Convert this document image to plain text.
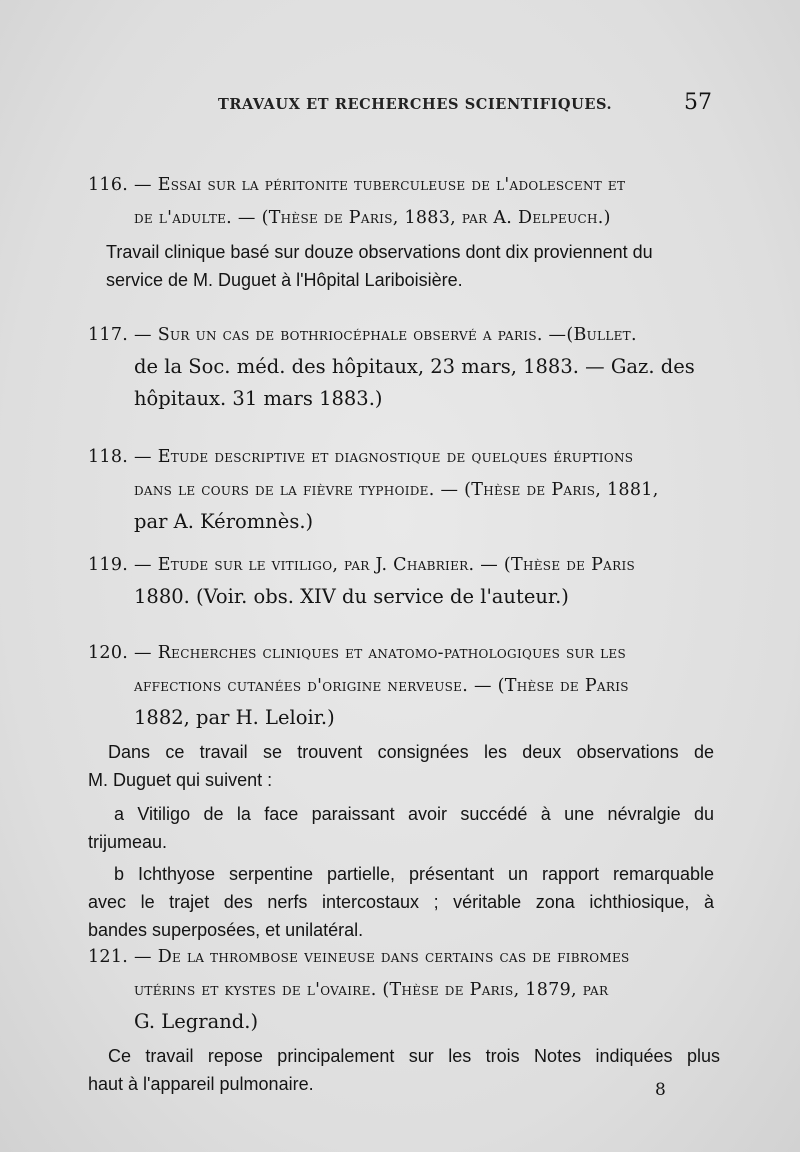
TRAVAUX ET RECHERCHES SCIENTIFIQUES.	57
116. — Essai sur la péritonite tuberculeuse de l'adolescent et
de l'adulte. — (Thèse de Paris, 1883, par A. Delpeuch.)
Travail clinique basé sur douze observations dont dix proviennent du
service de M. Duguet à l'Hôpital Lariboisière.
117. — Sur un cas de bothriocéphale observé a paris. —(Bullet.
de la Soc. méd. des hôpitaux, 23 mars, 1883. — Gaz. des
hôpitaux. 31 mars 1883.)
118. — Etude descriptive et diagnostique de quelques éruptions
dans le cours de la fièvre typhoide. — (Thèse de Paris, 1881,
par A. Kéromnès.)
119. — Etude sur le vitiligo, par J. Chabrier. — (Thèse de Paris
1880. (Voir. obs. XIV du service de l'auteur.)
120. — Recherches cliniques et anatomo-pathologiques sur les
affections cutanées d'origine nerveuse. — (Thèse de Paris
1882, par H. Leloir.)
Dans ce travail se trouvent consignées les deux observations de
M. Duguet qui suivent :
a Vitiligo de la face paraissant avoir succédé à une névralgie du
trijumeau.
b Ichthyose serpentine partielle, présentant un rapport remarquable
avec le trajet des nerfs intercostaux ; véritable zona ichthiosique, à
bandes superposées, et unilatéral.
121. — De la thrombose veineuse dans certains cas de fibromes
utérins et kystes de l'ovaire. (Thèse de Paris, 1879, par
G. Legrand.)
Ce travail repose principalement sur les trois Notes indiquées plus
haut à l'appareil pulmonaire.	8
